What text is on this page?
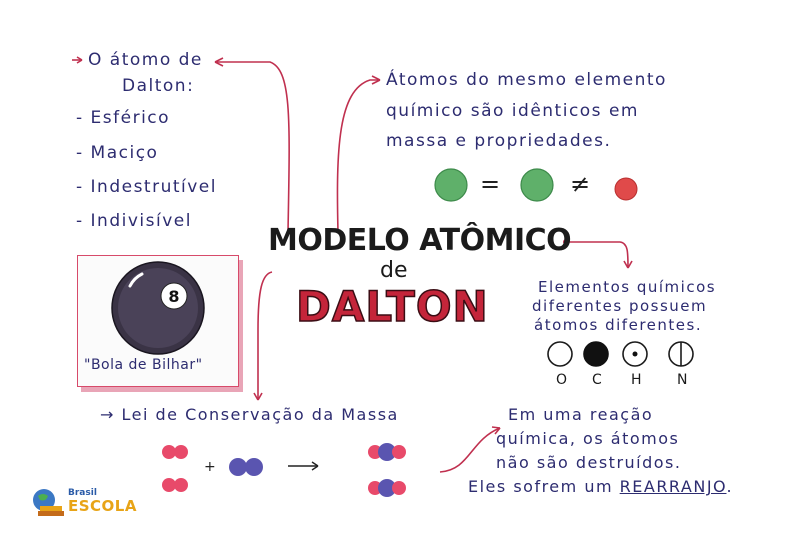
O átomo de
Dalton:
- Esférico
- Maciço
- Indestrutível
- Indivisível
Átomos do mesmo elemento
químico são idênticos em
massa e propriedades.
=	≠
Elementos químicos
diferentes possuem
átomos diferentes.
O C H	N
MODELO ATÔMICO
de
DALTON
8
"Bola de Bilhar"
→ Lei de Conservação da Massa
+
Em uma reação
química, os átomos
não são destruídos.
Eles sofrem um REARRANJO.
Brasil
ESCOLA
